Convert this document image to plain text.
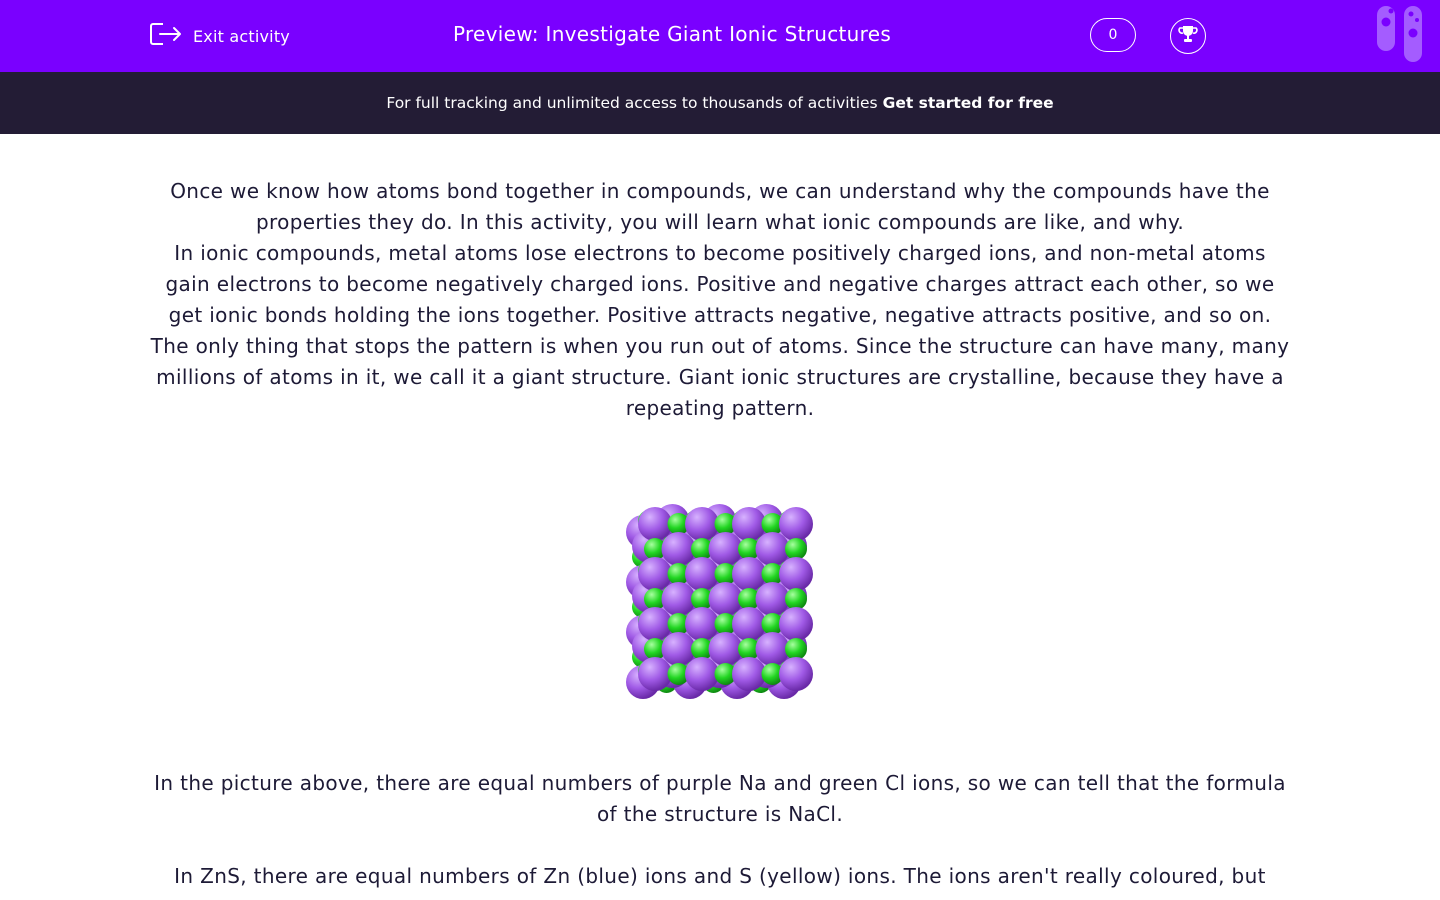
Exit activity	Preview: Investigate Giant Ionic Structures	0
For full tracking and unlimited access to thousands of activities Get started for free

Once we know how atoms bond together in compounds, we can understand why the compounds have the properties they do. In this activity, you will learn what ionic compounds are like, and why.

In ionic compounds, metal atoms lose electrons to become positively charged ions, and non-metal atoms gain electrons to become negatively charged ions. Positive and negative charges attract each other, so we get ionic bonds holding the ions together. Positive attracts negative, negative attracts positive, and so on.

The only thing that stops the pattern is when you run out of atoms. Since the structure can have many, many millions of atoms in it, we call it a giant structure. Giant ionic structures are crystalline, because they have a repeating pattern.

In the picture above, there are equal numbers of purple Na and green Cl ions, so we can tell that the formula of the structure is NaCl.

In ZnS, there are equal numbers of Zn (blue) ions and S (yellow) ions. The ions aren't really coloured, but
